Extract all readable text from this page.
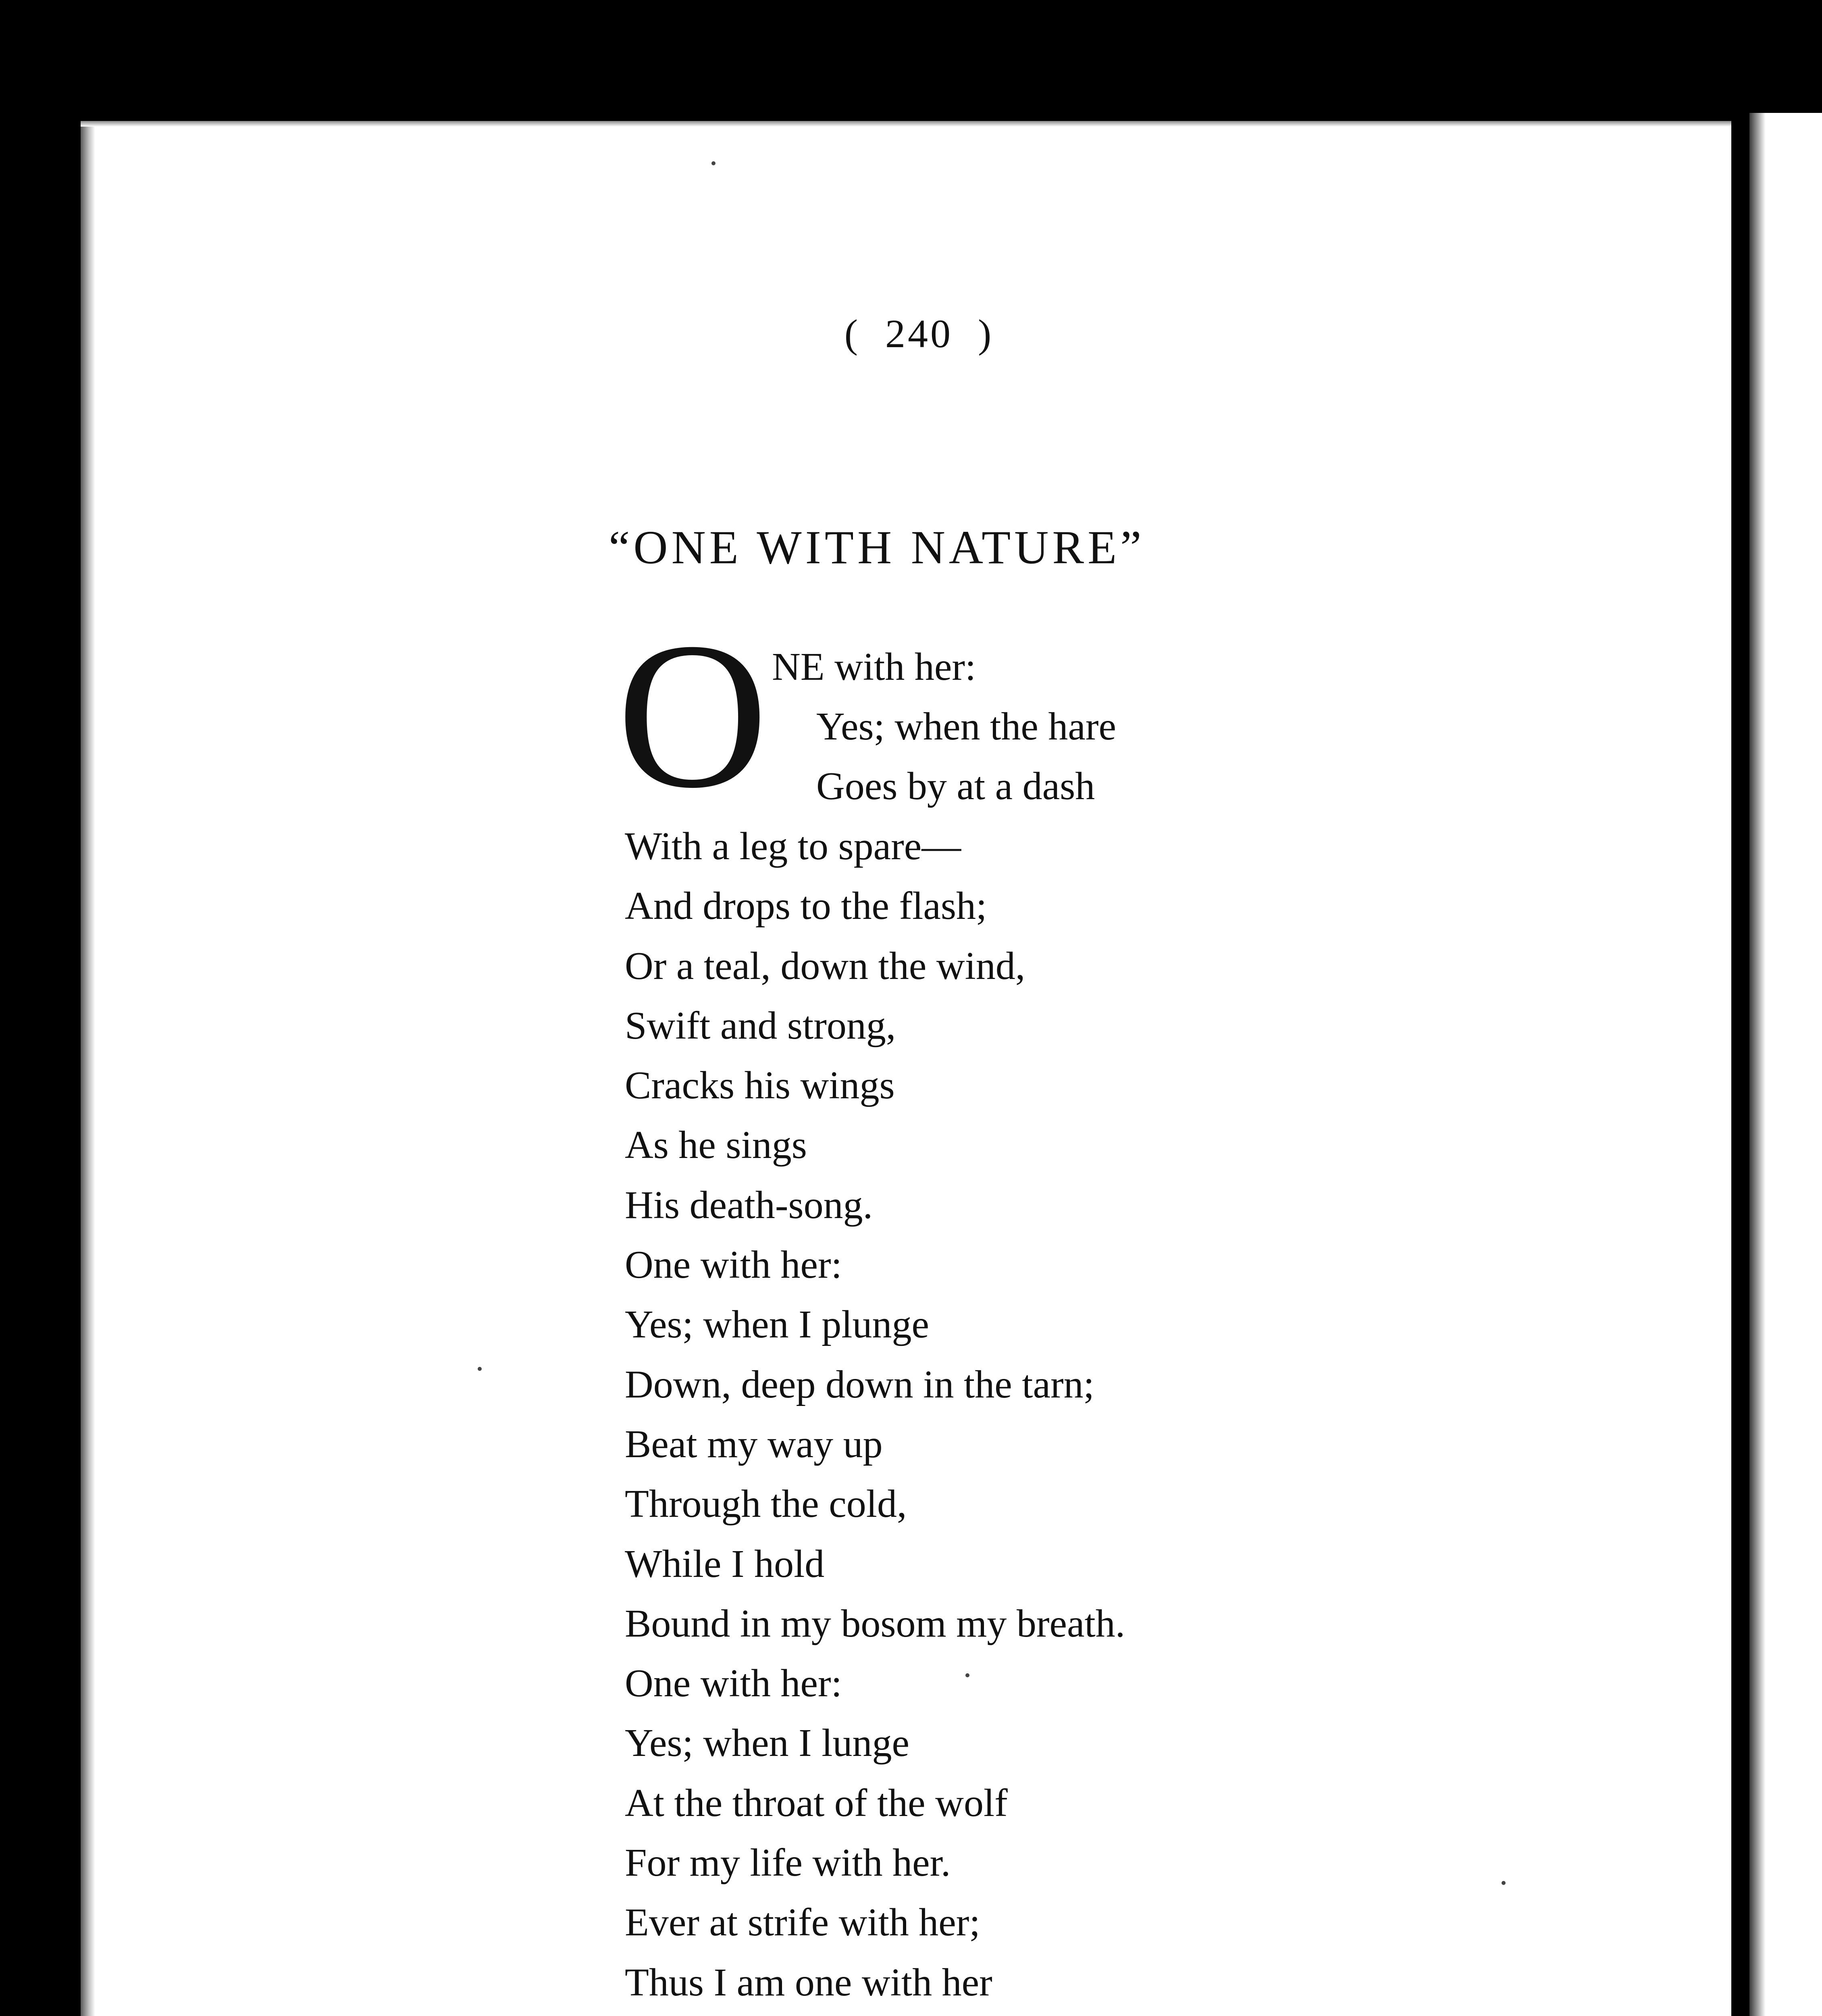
(  240  )
“ONE WITH NATURE”
O NE with her:
Yes; when the hare
Goes by at a dash
With a leg to spare—
And drops to the flash;
Or a teal, down the wind,
Swift and strong,
Cracks his wings
As he sings
His death-song.
One with her:
Yes; when I plunge
Down, deep down in the tarn;
Beat my way up
Through the cold,
While I hold
Bound in my bosom my breath.
One with her:
Yes; when I lunge
At the throat of the wolf
For my life with her.
Ever at strife with her;
Thus I am one with her
